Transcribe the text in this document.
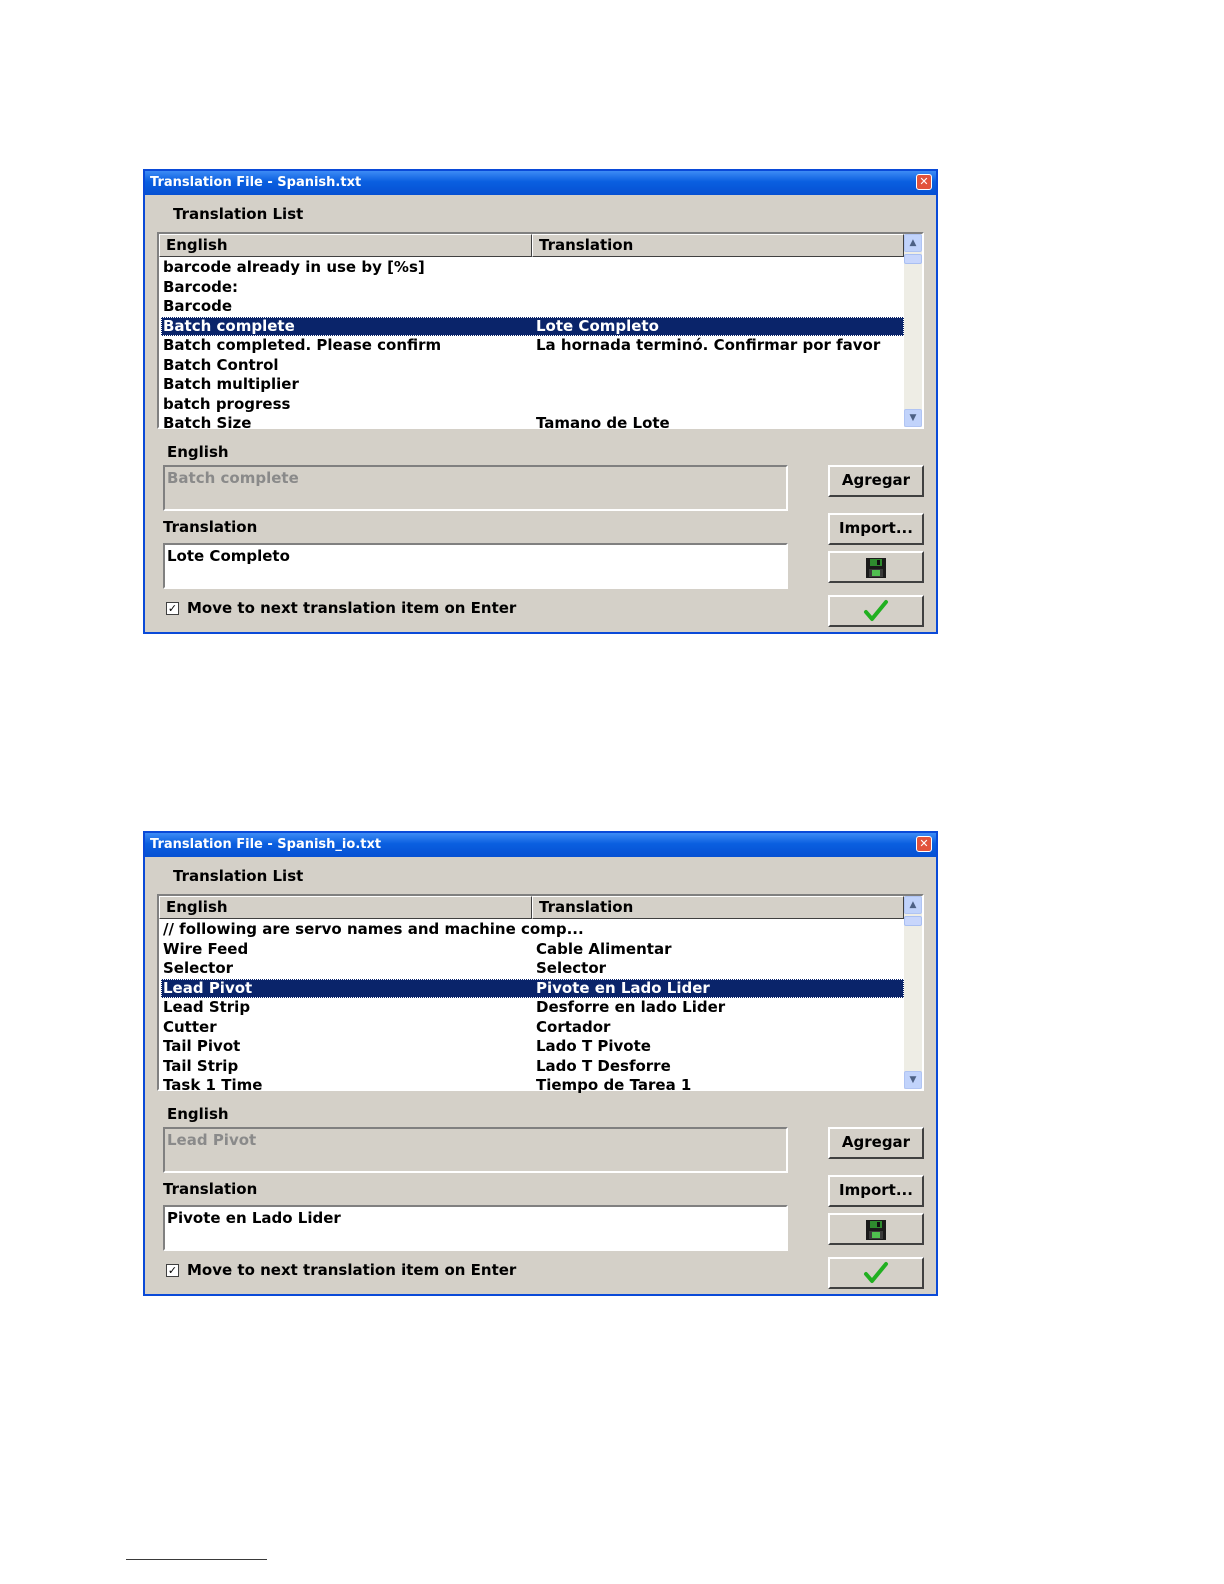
Translation File - Spanish.txt	✕
Translation List
English	Translation
barcode already in use by [%s]
Barcode:
Barcode
Batch complete	Lote Completo
Batch completed. Please confirm	La hornada terminó. Confirmar por favor
Batch Control
Batch multiplier
batch progress
Batch Size	Tamano de Lote
▲
▼
English
Batch complete
Translation
Lote Completo
Agregar
Import...
✓ Move to next translation item on Enter
Translation File - Spanish_io.txt	✕
Translation List
English	Translation
// following are servo names and machine comp...
Wire Feed	Cable Alimentar
Selector	Selector
Lead Pivot	Pivote en Lado Lider
Lead Strip	Desforre en lado Lider
Cutter	Cortador
Tail Pivot	Lado T Pivote
Tail Strip	Lado T Desforre
Task 1 Time	Tiempo de Tarea 1
▲
▼
English
Lead Pivot
Translation
Pivote en Lado Lider
Agregar
Import...
✓ Move to next translation item on Enter
